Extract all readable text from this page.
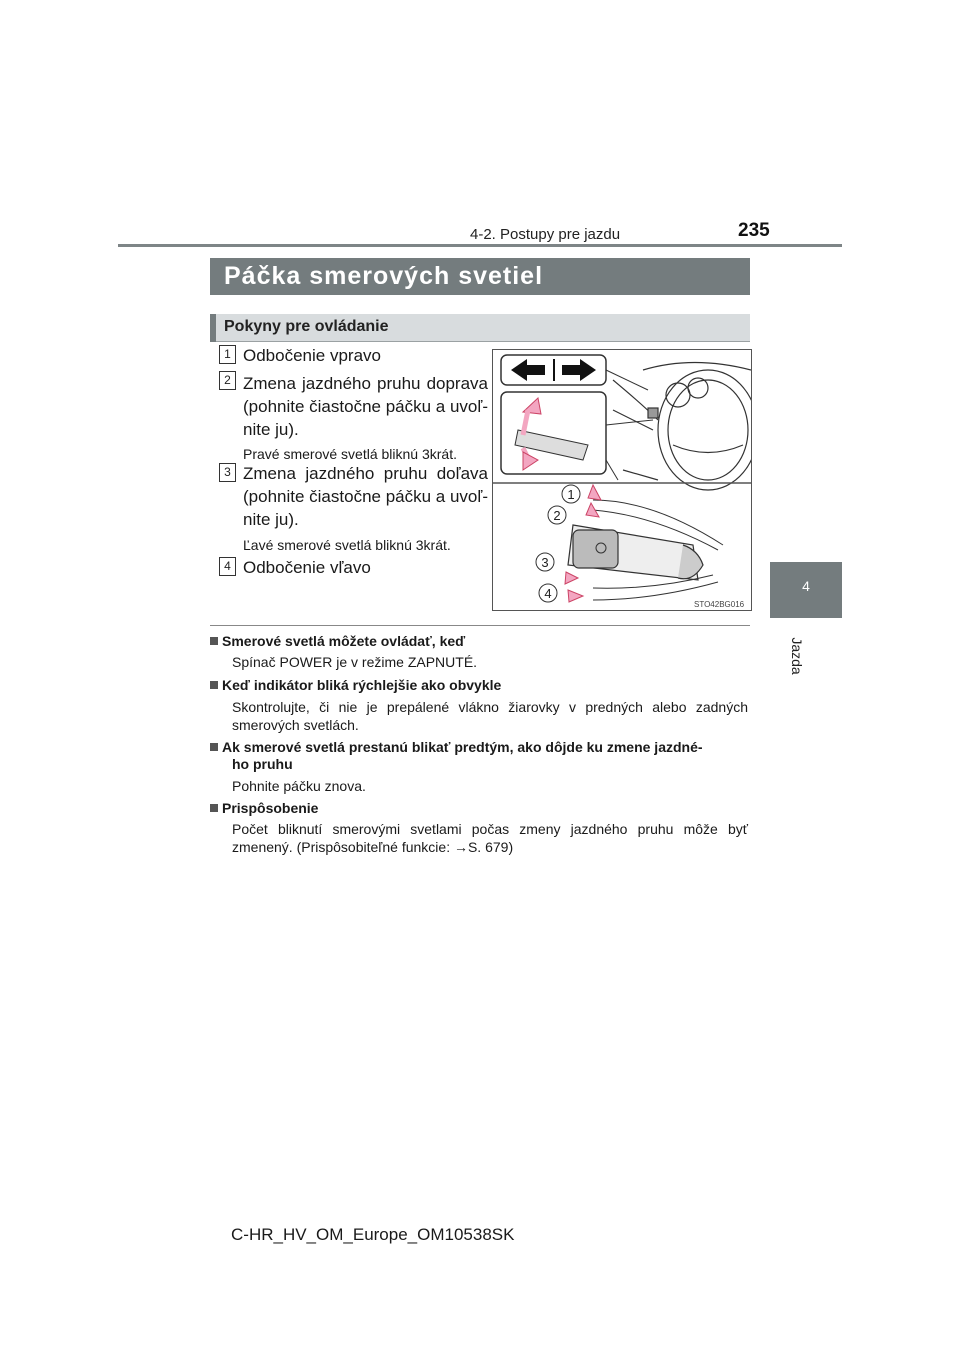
4-2. Postupy pre jazdu	235
4
Jazda
Páčka smerových svetiel
Pokyny pre ovládanie
1 Odbočenie vpravo
2 Zmena jazdného pruhu doprava
(pohnite čiastočne páčku a uvoľ-
nite ju).
Pravé smerové svetlá bliknú 3krát.
3 Zmena jazdného pruhu doľava
(pohnite čiastočne páčku a uvoľ-
nite ju).
Ľavé smerové svetlá bliknú 3krát.
4 Odbočenie vľavo
1
2
3
4
STO42BG016
Smerové svetlá môžete ovládať, keď
Spínač POWER je v režime ZAPNUTÉ.
Keď indikátor bliká rýchlejšie ako obvykle
Skontrolujte, či nie je prepálené vlákno žiarovky v predných alebo zadných
smerových svetlách.
Ak smerové svetlá prestanú blikať predtým, ako dôjde ku zmene jazdné-
ho pruhu
Pohnite páčku znova.
Prispôsobenie
Počet bliknutí smerovými svetlami počas zmeny jazdného pruhu môže byť
zmenený. (Prispôsobiteľné funkcie: →S. 679)
C-HR_HV_OM_Europe_OM10538SK
